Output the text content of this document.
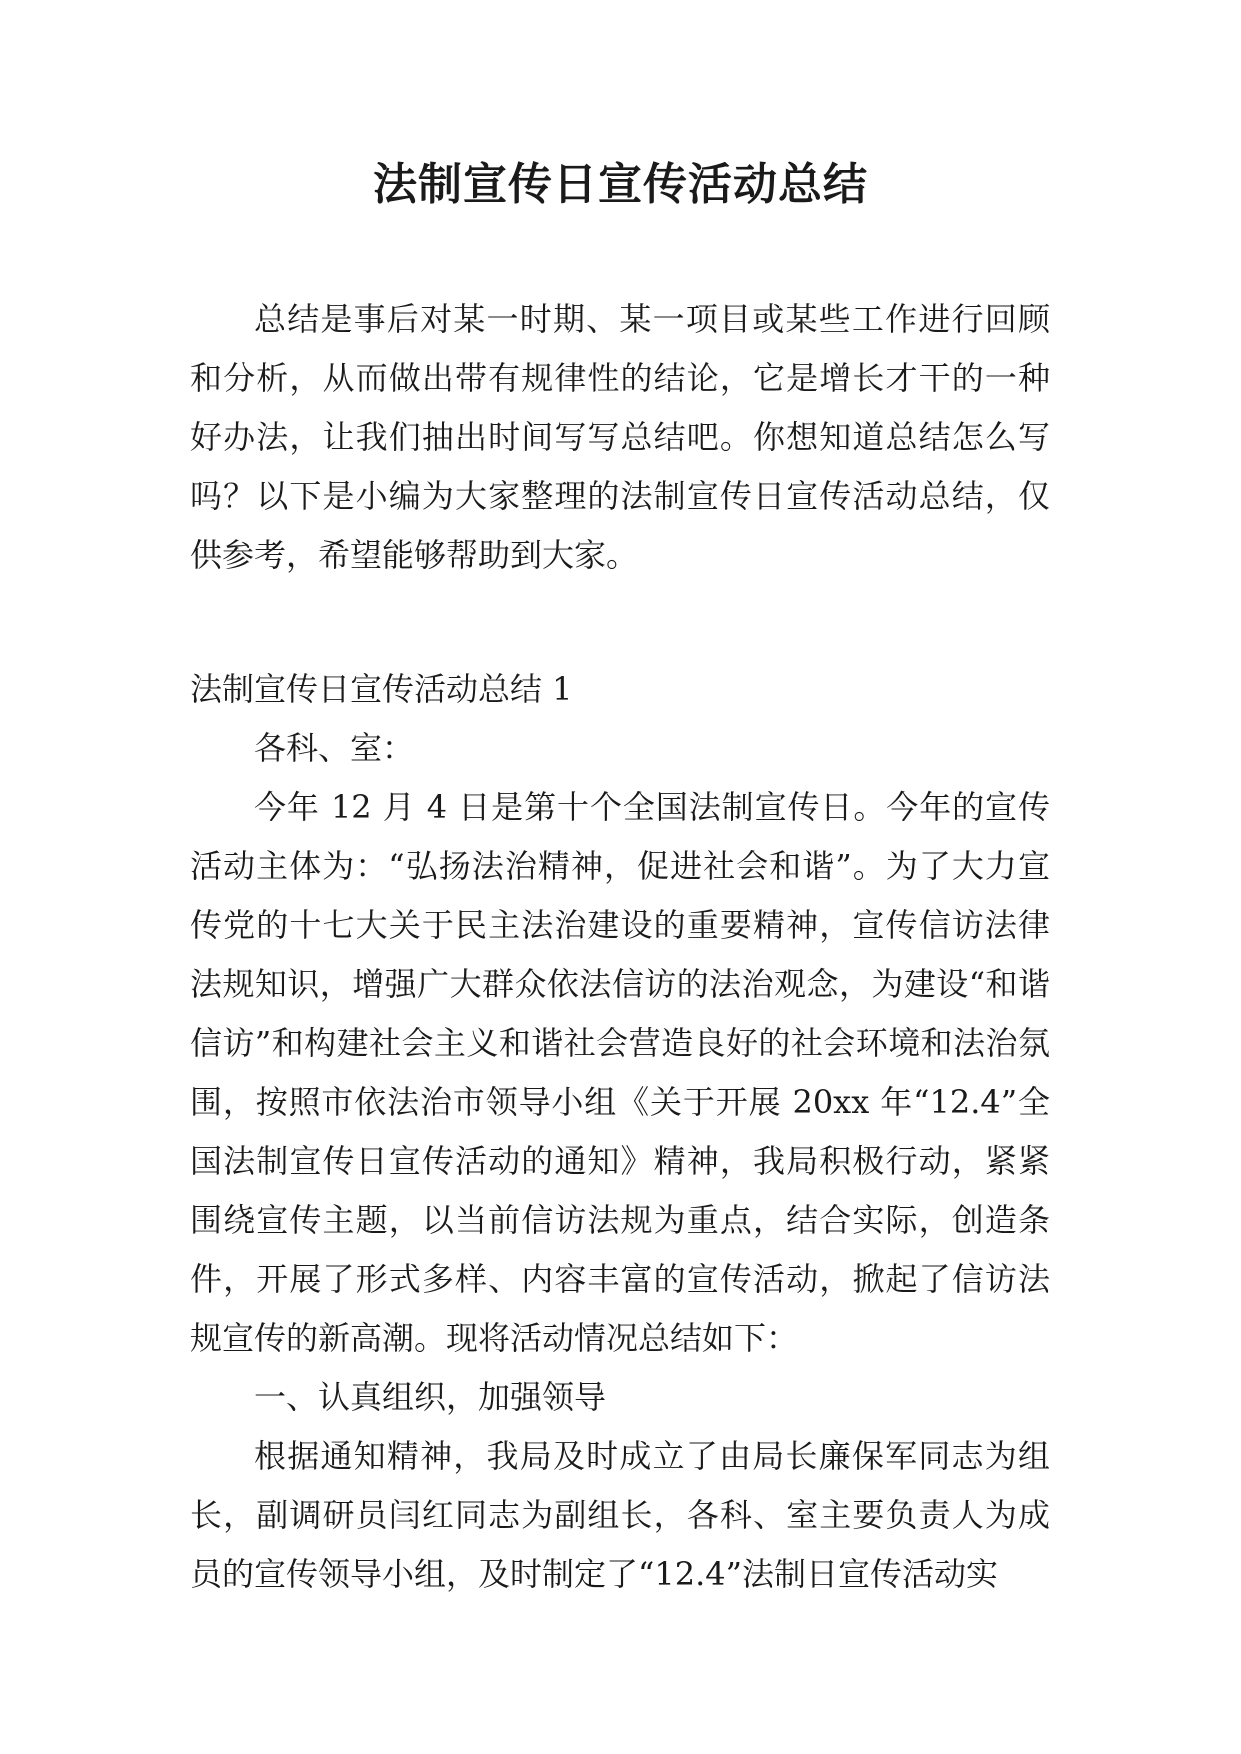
法制宣传日宣传活动总结

总结是事后对某一时期、某一项目或某些工作进行回顾和分析，从而做出带有规律性的结论，它是增长才干的一种好办法，让我们抽出时间写写总结吧。你想知道总结怎么写吗？以下是小编为大家整理的法制宣传日宣传活动总结，仅供参考，希望能够帮助到大家。

法制宣传日宣传活动总结 1

各科、室：

今年 12 月 4 日是第十个全国法制宣传日。今年的宣传活动主体为：“弘扬法治精神，促进社会和谐”。为了大力宣传党的十七大关于民主法治建设的重要精神，宣传信访法律法规知识，增强广大群众依法信访的法治观念，为建设“和谐信访”和构建社会主义和谐社会营造良好的社会环境和法治氛围，按照市依法治市领导小组《关于开展 20xx 年“12.4”全国法制宣传日宣传活动的通知》精神，我局积极行动，紧紧围绕宣传主题，以当前信访法规为重点，结合实际，创造条件，开展了形式多样、内容丰富的宣传活动，掀起了信访法规宣传的新高潮。现将活动情况总结如下：

一、认真组织，加强领导

根据通知精神，我局及时成立了由局长廉保军同志为组长，副调研员闫红同志为副组长，各科、室主要负责人为成员的宣传领导小组，及时制定了“12.4”法制日宣传活动实
